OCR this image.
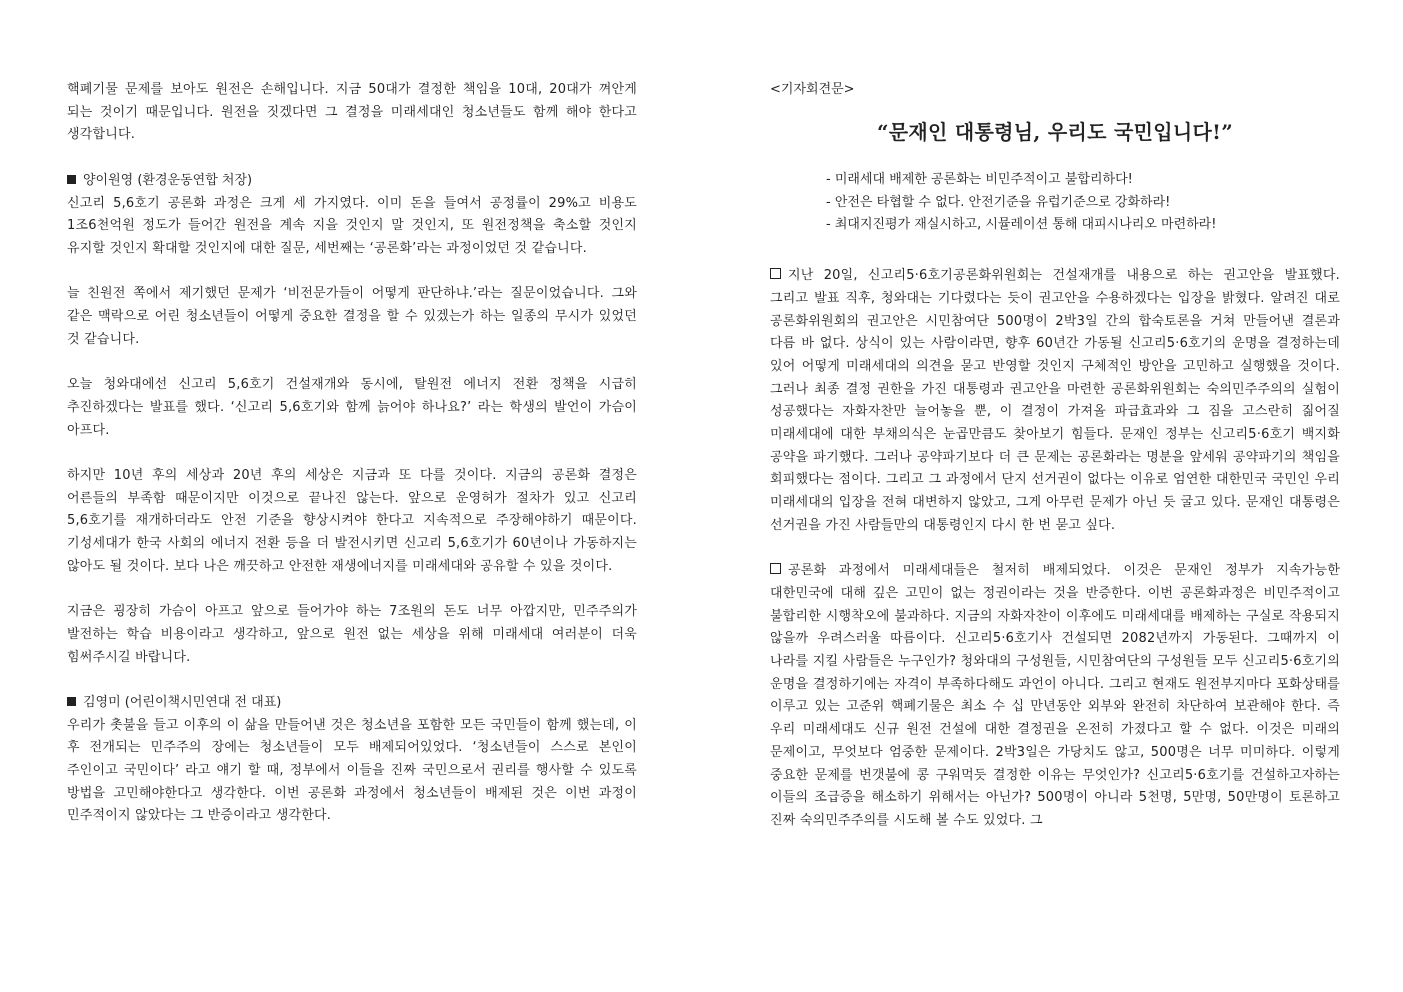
핵폐기물 문제를 보아도 원전은 손해입니다. 지금 50대가 결정한 책임을 10대, 20대가 껴안게 되는 것이기 때문입니다. 원전을 짓겠다면 그 결정을 미래세대인 청소년들도 함께 해야 한다고 생각합니다.

양이원영 (환경운동연합 처장)

신고리 5,6호기 공론화 과정은 크게 세 가지였다. 이미 돈을 들여서 공정률이 29%고 비용도 1조6천억원 정도가 들어간 원전을 계속 지을 것인지 말 것인지, 또 원전정책을 축소할 것인지 유지할 것인지 확대할 것인지에 대한 질문, 세번째는 ‘공론화’라는 과정이었던 것 같습니다.

늘 친원전 쪽에서 제기했던 문제가 ‘비전문가들이 어떻게 판단하냐.’라는 질문이었습니다. 그와 같은 맥락으로 어린 청소년들이 어떻게 중요한 결정을 할 수 있겠는가 하는 일종의 무시가 있었던 것 같습니다.

오늘 청와대에선 신고리 5,6호기 건설재개와 동시에, 탈원전 에너지 전환 정책을 시급히 추진하겠다는 발표를 했다. ‘신고리 5,6호기와 함께 늙어야 하나요?’ 라는 학생의 발언이 가슴이 아프다.

하지만 10년 후의 세상과 20년 후의 세상은 지금과 또 다를 것이다. 지금의 공론화 결정은 어른들의 부족함 때문이지만 이것으로 끝나진 않는다. 앞으로 운영허가 절차가 있고 신고리 5,6호기를 재개하더라도 안전 기준을 향상시켜야 한다고 지속적으로 주장해야하기 때문이다. 기성세대가 한국 사회의 에너지 전환 등을 더 발전시키면 신고리 5,6호기가 60년이나 가동하지는 않아도 될 것이다. 보다 나은 깨끗하고 안전한 재생에너지를 미래세대와 공유할 수 있을 것이다.

지금은 굉장히 가슴이 아프고 앞으로 들어가야 하는 7조원의 돈도 너무 아깝지만, 민주주의가 발전하는 학습 비용이라고 생각하고, 앞으로 원전 없는 세상을 위해 미래세대 여러분이 더욱 힘써주시길 바랍니다.

김영미 (어린이책시민연대 전 대표)

우리가 촛불을 들고 이후의 이 삶을 만들어낸 것은 청소년을 포함한 모든 국민들이 함께 했는데, 이 후 전개되는 민주주의 장에는 청소년들이 모두 배제되어있었다. ‘청소년들이 스스로 본인이 주인이고 국민이다’ 라고 얘기 할 때, 정부에서 이들을 진짜 국민으로서 권리를 행사할 수 있도록 방법을 고민해야한다고 생각한다. 이번 공론화 과정에서 청소년들이 배제된 것은 이번 과정이 민주적이지 않았다는 그 반증이라고 생각한다.

<기자회견문>

“문재인 대통령님, 우리도 국민입니다!”

- 미래세대 배제한 공론화는 비민주적이고 불합리하다!
- 안전은 타협할 수 없다. 안전기준을 유럽기준으로 강화하라!
- 최대지진평가 재실시하고, 시뮬레이션 통해 대피시나리오 마련하라!

지난 20일, 신고리5·6호기공론화위원회는 건설재개를 내용으로 하는 권고안을 발표했다. 그리고 발표 직후, 청와대는 기다렸다는 듯이 권고안을 수용하겠다는 입장을 밝혔다. 알려진 대로 공론화위원회의 권고안은 시민참여단 500명이 2박3일 간의 합숙토론을 거쳐 만들어낸 결론과 다름 바 없다. 상식이 있는 사람이라면, 향후 60년간 가동될 신고리5·6호기의 운명을 결정하는데 있어 어떻게 미래세대의 의견을 묻고 반영할 것인지 구체적인 방안을 고민하고 실행했을 것이다. 그러나 최종 결정 권한을 가진 대통령과 권고안을 마련한 공론화위원회는 숙의민주주의의 실험이 성공했다는 자화자찬만 늘어놓을 뿐, 이 결정이 가져올 파급효과와 그 짐을 고스란히 짊어질 미래세대에 대한 부채의식은 눈곱만큼도 찾아보기 힘들다. 문재인 정부는 신고리5·6호기 백지화 공약을 파기했다. 그러나 공약파기보다 더 큰 문제는 공론화라는 명분을 앞세워 공약파기의 책임을 회피했다는 점이다. 그리고 그 과정에서 단지 선거권이 없다는 이유로 엄연한 대한민국 국민인 우리 미래세대의 입장을 전혀 대변하지 않았고, 그게 아무런 문제가 아닌 듯 굴고 있다. 문재인 대통령은 선거권을 가진 사람들만의 대통령인지 다시 한 번 묻고 싶다.

공론화 과정에서 미래세대들은 철저히 배제되었다. 이것은 문재인 정부가 지속가능한 대한민국에 대해 깊은 고민이 없는 정권이라는 것을 반증한다. 이번 공론화과정은 비민주적이고 불합리한 시행착오에 불과하다. 지금의 자화자찬이 이후에도 미래세대를 배제하는 구실로 작용되지 않을까 우려스러울 따름이다. 신고리5·6호기사 건설되면 2082년까지 가동된다. 그때까지 이 나라를 지킬 사람들은 누구인가? 청와대의 구성원들, 시민참여단의 구성원들 모두 신고리5·6호기의 운명을 결정하기에는 자격이 부족하다해도 과언이 아니다. 그리고 현재도 원전부지마다 포화상태를 이루고 있는 고준위 핵폐기물은 최소 수 십 만년동안 외부와 완전히 차단하여 보관해야 한다. 즉 우리 미래세대도 신규 원전 건설에 대한 결정권을 온전히 가졌다고 할 수 없다. 이것은 미래의 문제이고, 무엇보다 엄중한 문제이다. 2박3일은 가당치도 않고, 500명은 너무 미미하다. 이렇게 중요한 문제를 번갯불에 콩 구워먹듯 결정한 이유는 무엇인가? 신고리5·6호기를 건설하고자하는 이들의 조급증을 해소하기 위해서는 아닌가? 500명이 아니라 5천명, 5만명, 50만명이 토론하고 진짜 숙의민주주의를 시도해 볼 수도 있었다. 그
